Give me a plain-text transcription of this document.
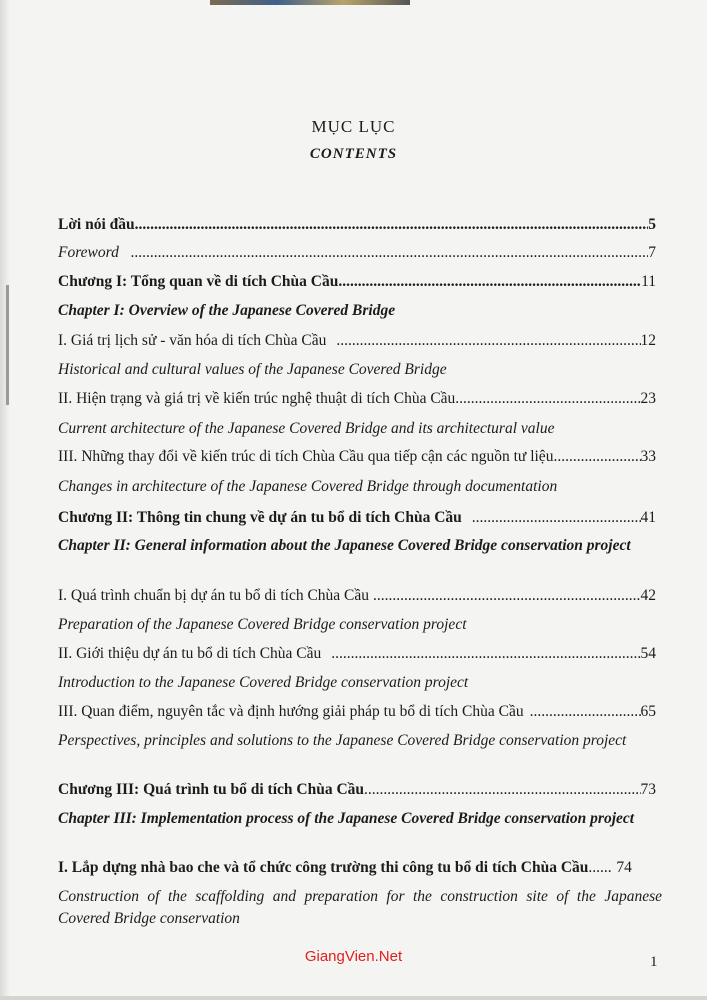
MỤC LỤC
CONTENTS
Lời nói đầu .....	5
Foreword .....	7
Chương I: Tổng quan về di tích Chùa Cầu .....	11
Chapter I: Overview of the Japanese Covered Bridge
I. Giá trị lịch sử - văn hóa di tích Chùa Cầu .....	12
Historical and cultural values of the Japanese Covered Bridge
II. Hiện trạng và giá trị về kiến trúc nghệ thuật di tích Chùa Cầu .....	23
Current architecture of the Japanese Covered Bridge and its architectural value
III. Những thay đổi về kiến trúc di tích Chùa Cầu qua tiếp cận các nguồn tư liệu .....	33
Changes in architecture of the Japanese Covered Bridge through documentation
Chương II: Thông tin chung về dự án tu bổ di tích Chùa Cầu .....	41
Chapter II: General information about the Japanese Covered Bridge conservation project
I. Quá trình chuẩn bị dự án tu bổ di tích Chùa Cầu .....	42
Preparation of the Japanese Covered Bridge conservation project
II. Giới thiệu dự án tu bổ di tích Chùa Cầu .....	54
Introduction to the Japanese Covered Bridge conservation project
III. Quan điểm, nguyên tắc và định hướng giải pháp tu bổ di tích Chùa Cầu .....	65
Perspectives, principles and solutions to the Japanese Covered Bridge conservation project
Chương III: Quá trình tu bổ di tích Chùa Cầu .....	73
Chapter III: Implementation process of the Japanese Covered Bridge conservation project
I. Lắp dựng nhà bao che và tổ chức công trường thi công tu bổ di tích Chùa Cầu ..... 74
Construction of the scaffolding and preparation for the construction site of the Japanese Covered Bridge conservation
GiangVien.Net	1
